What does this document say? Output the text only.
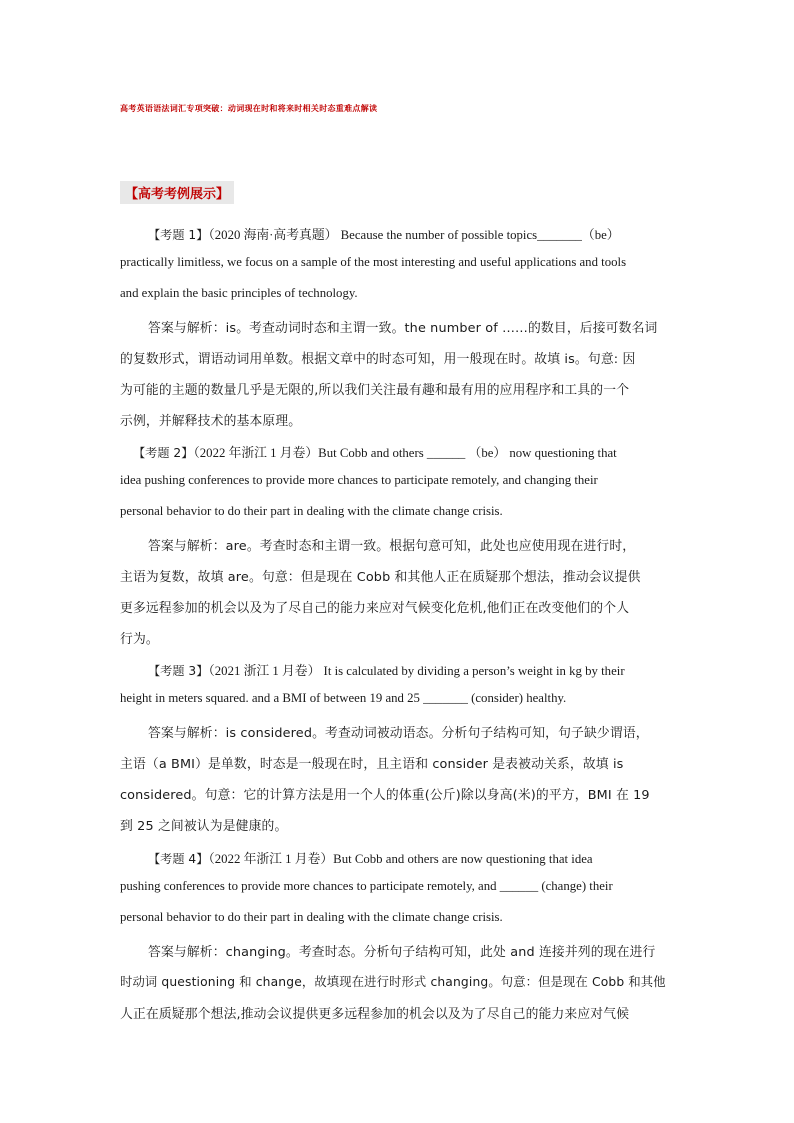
高考英语语法词汇专项突破：动词现在时和将来时相关时态重难点解读
【高考考例展示】
【考题 1】（2020 海南·高考真题） Because the number of possible topics_______（be）
practically limitless, we focus on a sample of the most interesting and useful applications and tools
and explain the basic principles of technology.
答案与解析：is。考查动词时态和主谓一致。the number of ……的数目，后接可数名词
的复数形式，谓语动词用单数。根据文章中的时态可知，用一般现在时。故填 is。句意: 因
为可能的主题的数量几乎是无限的,所以我们关注最有趣和最有用的应用程序和工具的一个
示例，并解释技术的基本原理。
【考题 2】（2022 年浙江 1 月卷）But Cobb and others ______ （be） now questioning that
idea pushing conferences to provide more chances to participate remotely, and changing their
personal behavior to do their part in dealing with the climate change crisis.
答案与解析：are。考查时态和主谓一致。根据句意可知，此处也应使用现在进行时，
主语为复数，故填 are。句意：但是现在 Cobb 和其他人正在质疑那个想法，推动会议提供
更多远程参加的机会以及为了尽自己的能力来应对气候变化危机,他们正在改变他们的个人
行为。
【考题 3】（2021 浙江 1 月卷） It is calculated by dividing a person’s weight in kg by their
height in meters squared. and a BMI of between 19 and 25 _______ (consider) healthy.
答案与解析：is considered。考查动词被动语态。分析句子结构可知，句子缺少谓语，
主语（a BMI）是单数，时态是一般现在时，且主语和 consider 是表被动关系，故填 is
considered。句意：它的计算方法是用一个人的体重(公斤)除以身高(米)的平方，BMI 在 19
到 25 之间被认为是健康的。
【考题 4】（2022 年浙江 1 月卷）But Cobb and others are now questioning that idea
pushing conferences to provide more chances to participate remotely, and ______ (change) their
personal behavior to do their part in dealing with the climate change crisis.
答案与解析：changing。考查时态。分析句子结构可知，此处 and 连接并列的现在进行
时动词 questioning 和 change，故填现在进行时形式 changing。句意：但是现在 Cobb 和其他
人正在质疑那个想法,推动会议提供更多远程参加的机会以及为了尽自己的能力来应对气候
